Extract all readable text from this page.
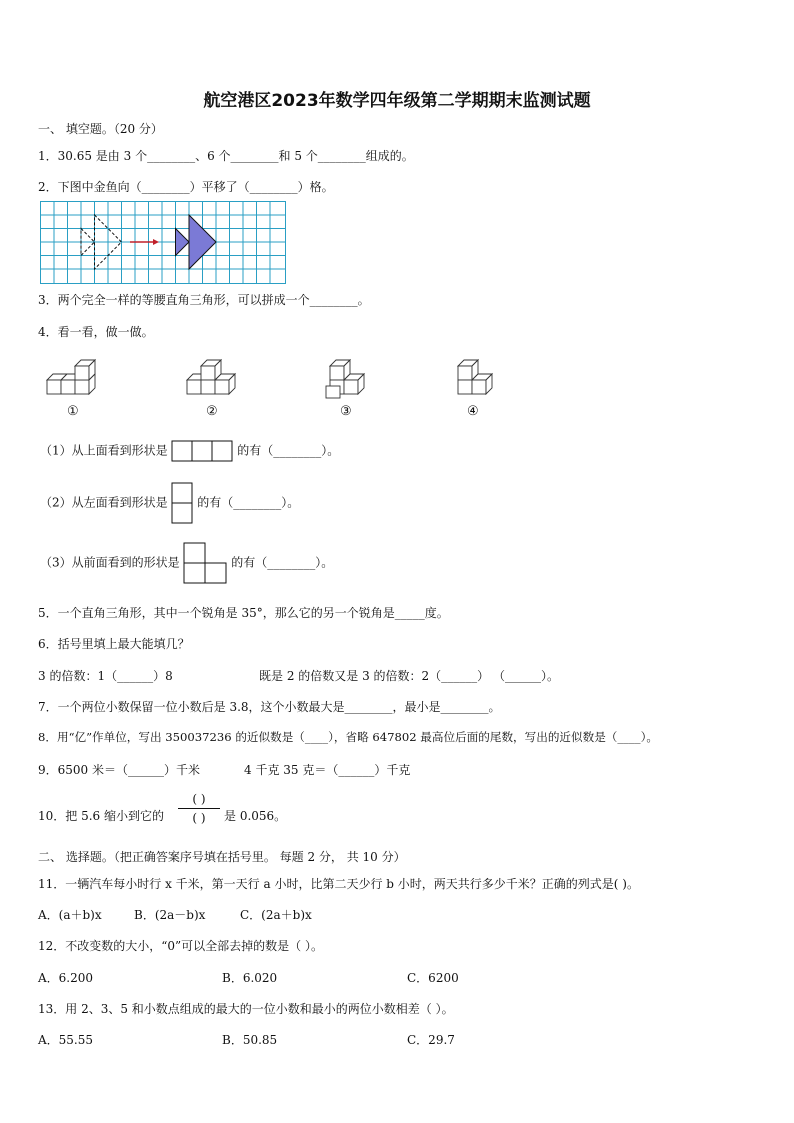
航空港区2023年数学四年级第二学期期末监测试题
一、 填空题。（20 分）
1．30.65 是由 3 个________、6 个________和 5 个________组成的。
2．下图中金鱼向（________）平移了（________）格。
3．两个完全一样的等腰直角三角形，可以拼成一个________。
4．看一看，做一做。
①	②	③	④
（1）从上面看到形状是	的有（________）。
（2）从左面看到形状是 的有（________）。
（3）从前面看到的形状是	的有（________）。
5．一个直角三角形，其中一个锐角是 35°，那么它的另一个锐角是_____度。
6．括号里填上最大能填几？
3 的倍数：1（______）8	既是 2 的倍数又是 3 的倍数：2（______） （______）。
7．一个两位小数保留一位小数后是 3.8，这个小数最大是________，最小是________。
8．用“亿”作单位，写出 350037236 的近似数是（____），省略 647802 最高位后面的尾数，写出的近似数是（____）。
9．6500 米＝（______）千米	4 千克 35 克＝（______）千克
10．把 5.6 缩小到它的
( )
( )	是 0.056。
二、 选择题。（把正确答案序号填在括号里。 每题 2 分， 共 10 分）
11．一辆汽车每小时行 x 千米，第一天行 a 小时，比第二天少行 b 小时，两天共行多少千米？正确的列式是( )。
A．(a＋b)x	B．(2a－b)x	C．(2a＋b)x
12．不改变数的大小，“0”可以全部去掉的数是（ ）。
A．6.200	B．6.020	C．6200
13．用 2、3、5 和小数点组成的最大的一位小数和最小的两位小数相差（ ）。
A．55.55	B．50.85	C．29.7
